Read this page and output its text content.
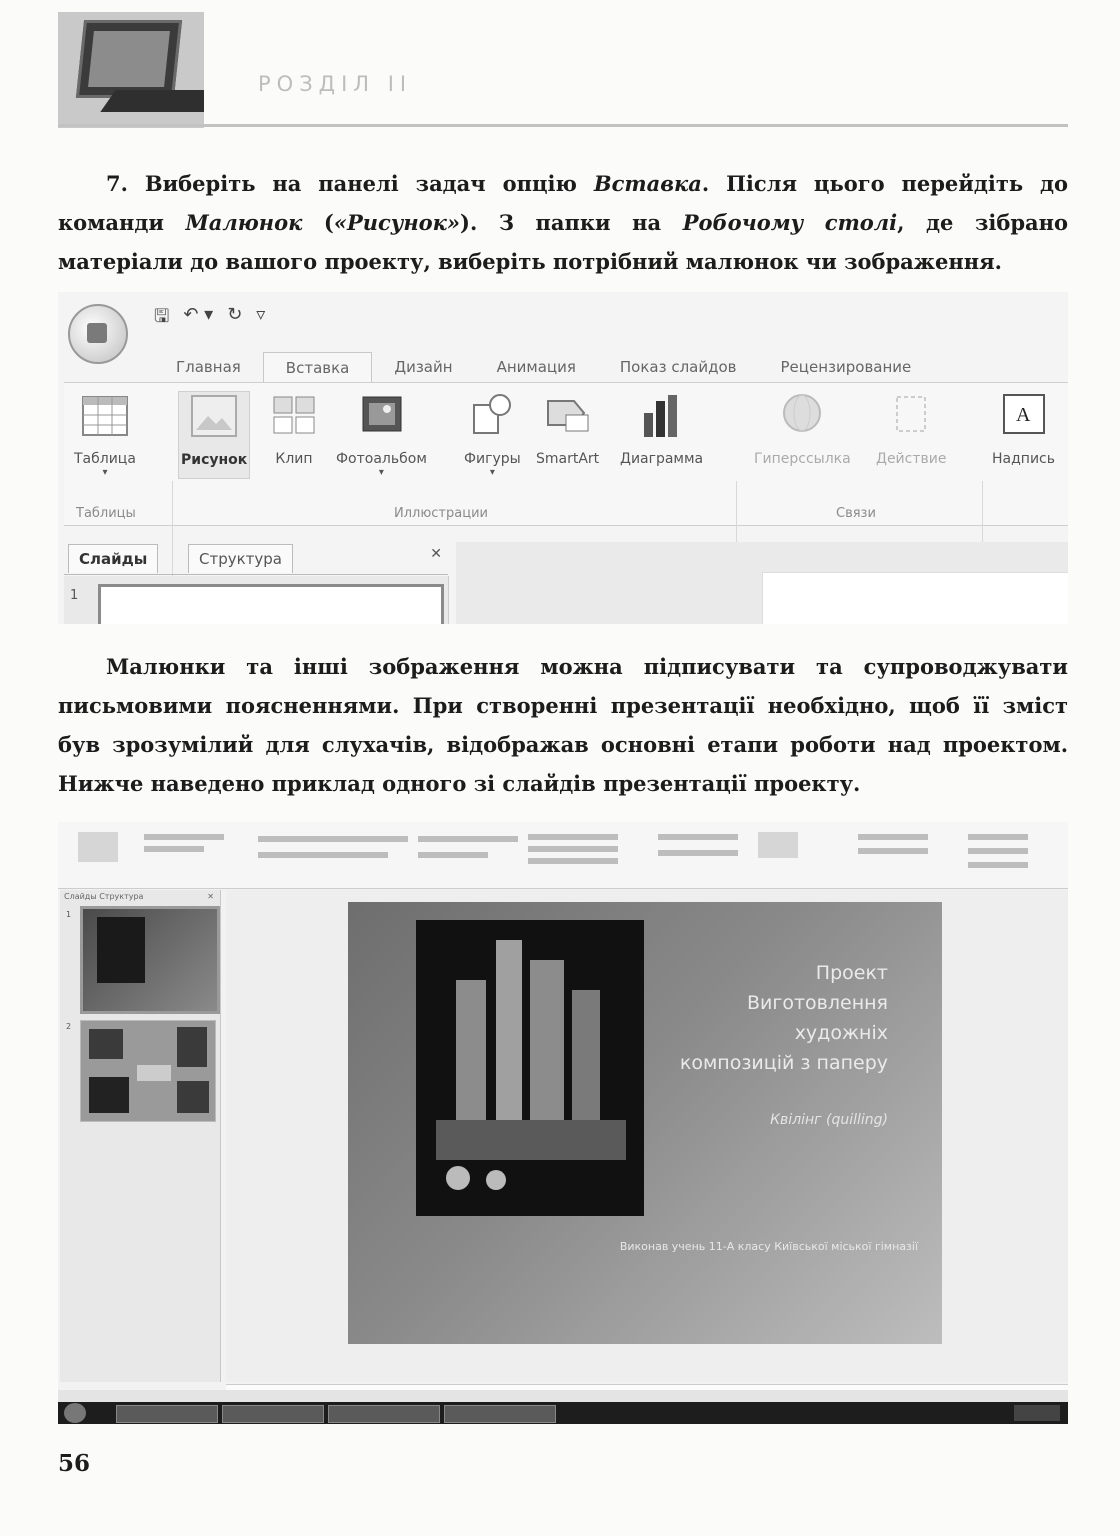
РОЗДІЛ ІІ

7. Виберіть на панелі задач опцію Вставка. Після цього перейдіть до команди Малюнок («Рисунок»). З папки на Робочому столі, де зібрано матеріали до вашого проекту, виберіть потрібний малюнок чи зображення.

🖫 ↶ ▾ ↻ ▿
Главная	Вставка	Дизайн	Анимация	Показ слайдов	Рецензирование
Таблица
▾
Рисунок	Клип	Фотоальбом
▾
Фигуры
▾
SmartArt Диаграмма	Гиперссылка Действие
A
Надпись
Таблицы	Иллюстрации	Связи
Слайды	Структура	✕
1

Малюнки та інші зображення можна підписувати та супроводжувати письмовими поясненнями. При створенні презентації необхідно, щоб її зміст був зрозумілий для слухачів, відображав основні етапи роботи над проектом. Нижче наведено приклад одного зі слайдів презентації проекту.

Слайды Структура	✕
1
2
Проект
Виготовлення
художніх
композицій з паперу
Квілінг (quilling)
Виконав учень 11-А класу Київської міської гімназії
56
